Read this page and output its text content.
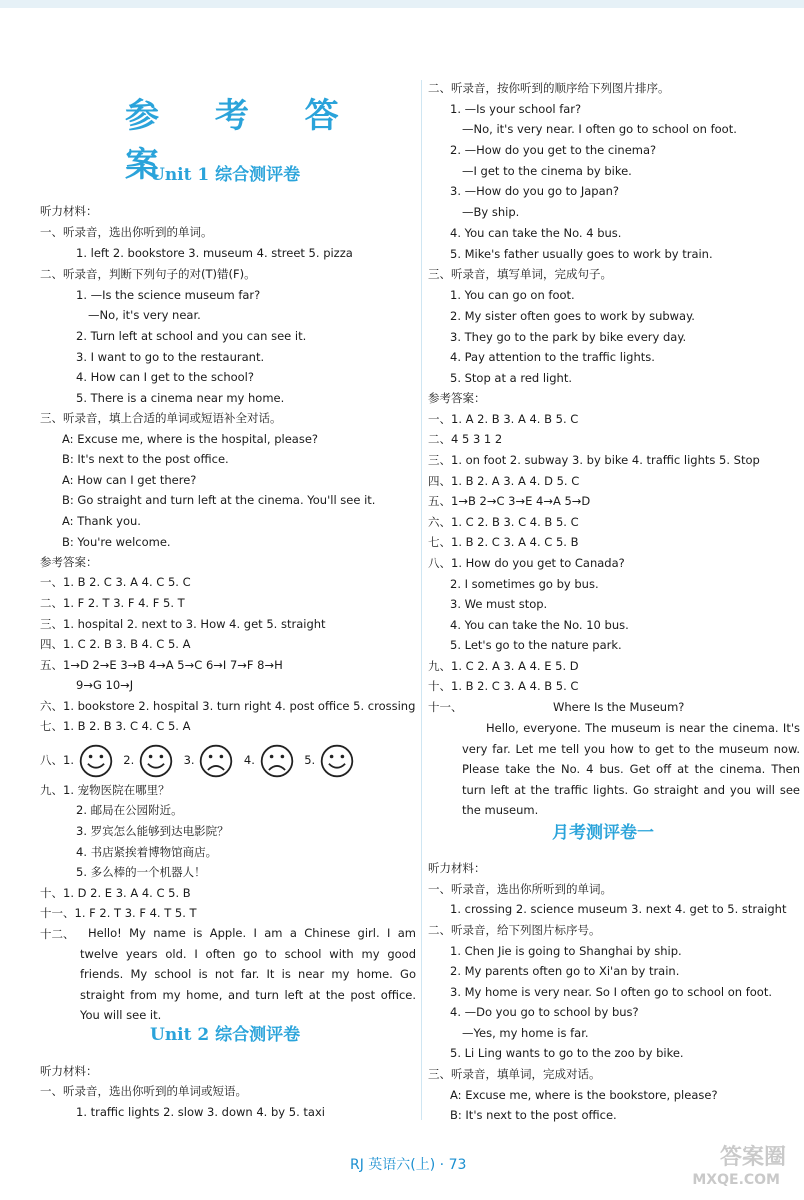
参 考 答 案
Unit 1 综合测评卷
听力材料：
一、听录音，选出你听到的单词。
1. left 2. bookstore 3. museum 4. street 5. pizza
二、听录音，判断下列句子的对(T)错(F)。
1. —Is the science museum far?
—No, it's very near.
2. Turn left at school and you can see it.
3. I want to go to the restaurant.
4. How can I get to the school?
5. There is a cinema near my home.
三、听录音，填上合适的单词或短语补全对话。
A: Excuse me, where is the hospital, please?
B: It's next to the post office.
A: How can I get there?
B: Go straight and turn left at the cinema. You'll see it.
A: Thank you.
B: You're welcome.
参考答案：
一、1. B 2. C 3. A 4. C 5. C
二、1. F 2. T 3. F 4. F 5. T
三、1. hospital 2. next to 3. How 4. get 5. straight
四、1. C 2. B 3. B 4. C 5. A
五、1→D 2→E 3→B 4→A 5→C 6→I 7→F 8→H
9→G 10→J
六、1. bookstore 2. hospital 3. turn right 4. post office 5. crossing
七、1. B 2. B 3. C 4. C 5. A
八、1.	2.	3.	4.	5.
九、1. 宠物医院在哪里？
2. 邮局在公园附近。
3. 罗宾怎么能够到达电影院？
4. 书店紧挨着博物馆商店。
5. 多么棒的一个机器人！
十、1. D 2. E 3. A 4. C 5. B
十一、1. F 2. T 3. F 4. T 5. T
十二、	Hello! My name is Apple. I am a Chinese girl. I am twelve years old. I often go to school with my good friends. My school is not far. It is near my home. Go straight from my home, and turn left at the post office. You will see it.
Unit 2 综合测评卷
听力材料：
一、听录音，选出你听到的单词或短语。
1. traffic lights 2. slow 3. down 4. by 5. taxi
二、听录音，按你听到的顺序给下列图片排序。
1. —Is your school far?
—No, it's very near. I often go to school on foot.
2. —How do you get to the cinema?
—I get to the cinema by bike.
3. —How do you go to Japan?
—By ship.
4. You can take the No. 4 bus.
5. Mike's father usually goes to work by train.
三、听录音，填写单词，完成句子。
1. You can go on foot.
2. My sister often goes to work by subway.
3. They go to the park by bike every day.
4. Pay attention to the traffic lights.
5. Stop at a red light.
参考答案：
一、1. A 2. B 3. A 4. B 5. C
二、4 5 3 1 2
三、1. on foot 2. subway 3. by bike 4. traffic lights 5. Stop
四、1. B 2. A 3. A 4. D 5. C
五、1→B 2→C 3→E 4→A 5→D
六、1. C 2. B 3. C 4. B 5. C
七、1. B 2. C 3. A 4. C 5. B
八、1. How do you get to Canada?
2. I sometimes go by bus.
3. We must stop.
4. You can take the No. 10 bus.
5. Let's go to the nature park.
九、1. C 2. A 3. A 4. E 5. D
十、1. B 2. C 3. A 4. B 5. C
十一、	Where Is the Museum?
Hello, everyone. The museum is near the cinema. It's very far. Let me tell you how to get to the museum now. Please take the No. 4 bus. Get off at the cinema. Then turn left at the traffic lights. Go straight and you will see the museum.
月考测评卷一
听力材料：
一、听录音，选出你所听到的单词。
1. crossing 2. science museum 3. next 4. get to 5. straight
二、听录音，给下列图片标序号。
1. Chen Jie is going to Shanghai by ship.
2. My parents often go to Xi'an by train.
3. My home is very near. So I often go to school on foot.
4. —Do you go to school by bus?
—Yes, my home is far.
5. Li Ling wants to go to the zoo by bike.
三、听录音，填单词，完成对话。
A: Excuse me, where is the bookstore, please?
B: It's next to the post office.
RJ 英语六(上) · 73	答案圈
MXQE.COM
